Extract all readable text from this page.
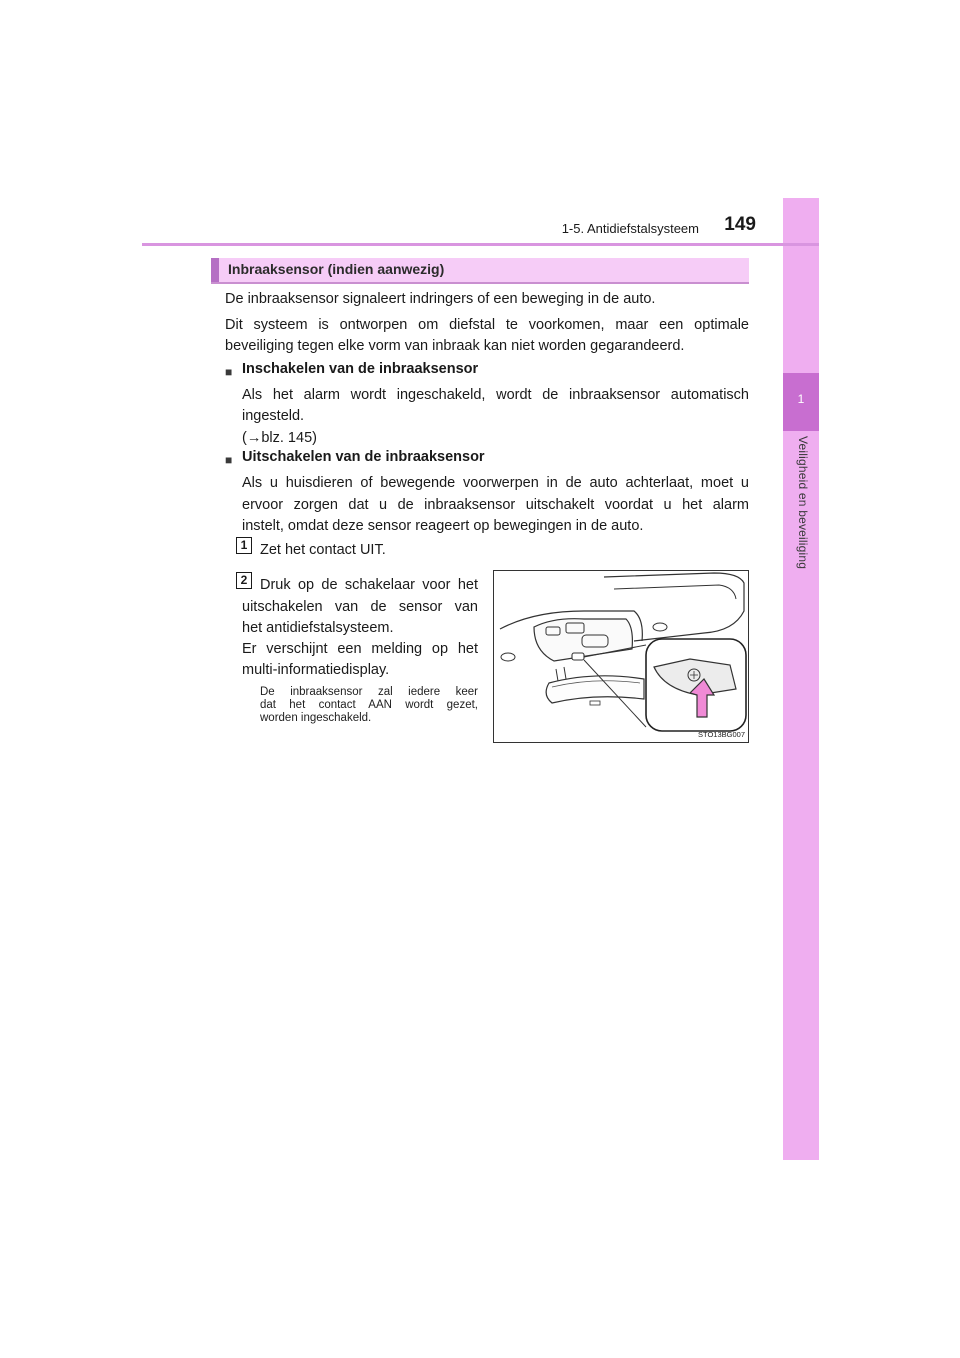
1
Veiligheid en beveiliging
1-5. Antidiefstalsysteem	149
Inbraaksensor (indien aanwezig)
De inbraaksensor signaleert indringers of een beweging in de auto.
Dit systeem is ontworpen om diefstal te voorkomen, maar een optimale
beveiliging tegen elke vorm van inbraak kan niet worden gegarandeerd.
■ Inschakelen van de inbraaksensor
Als het alarm wordt ingeschakeld, wordt de inbraaksensor automatisch
ingesteld.
(→blz. 145)
■ Uitschakelen van de inbraaksensor
Als u huisdieren of bewegende voorwerpen in de auto achterlaat, moet u
ervoor zorgen dat u de inbraaksensor uitschakelt voordat u het alarm
instelt, omdat deze sensor reageert op bewegingen in de auto.
1 Zet het contact UIT.
2 Druk op de schakelaar voor het
uitschakelen van de sensor van
het antidiefstalsysteem.
Er verschijnt een melding op het
multi-informatiedisplay.
De inbraaksensor zal iedere keer
dat het contact AAN wordt gezet,
worden ingeschakeld.
STO13BG007
